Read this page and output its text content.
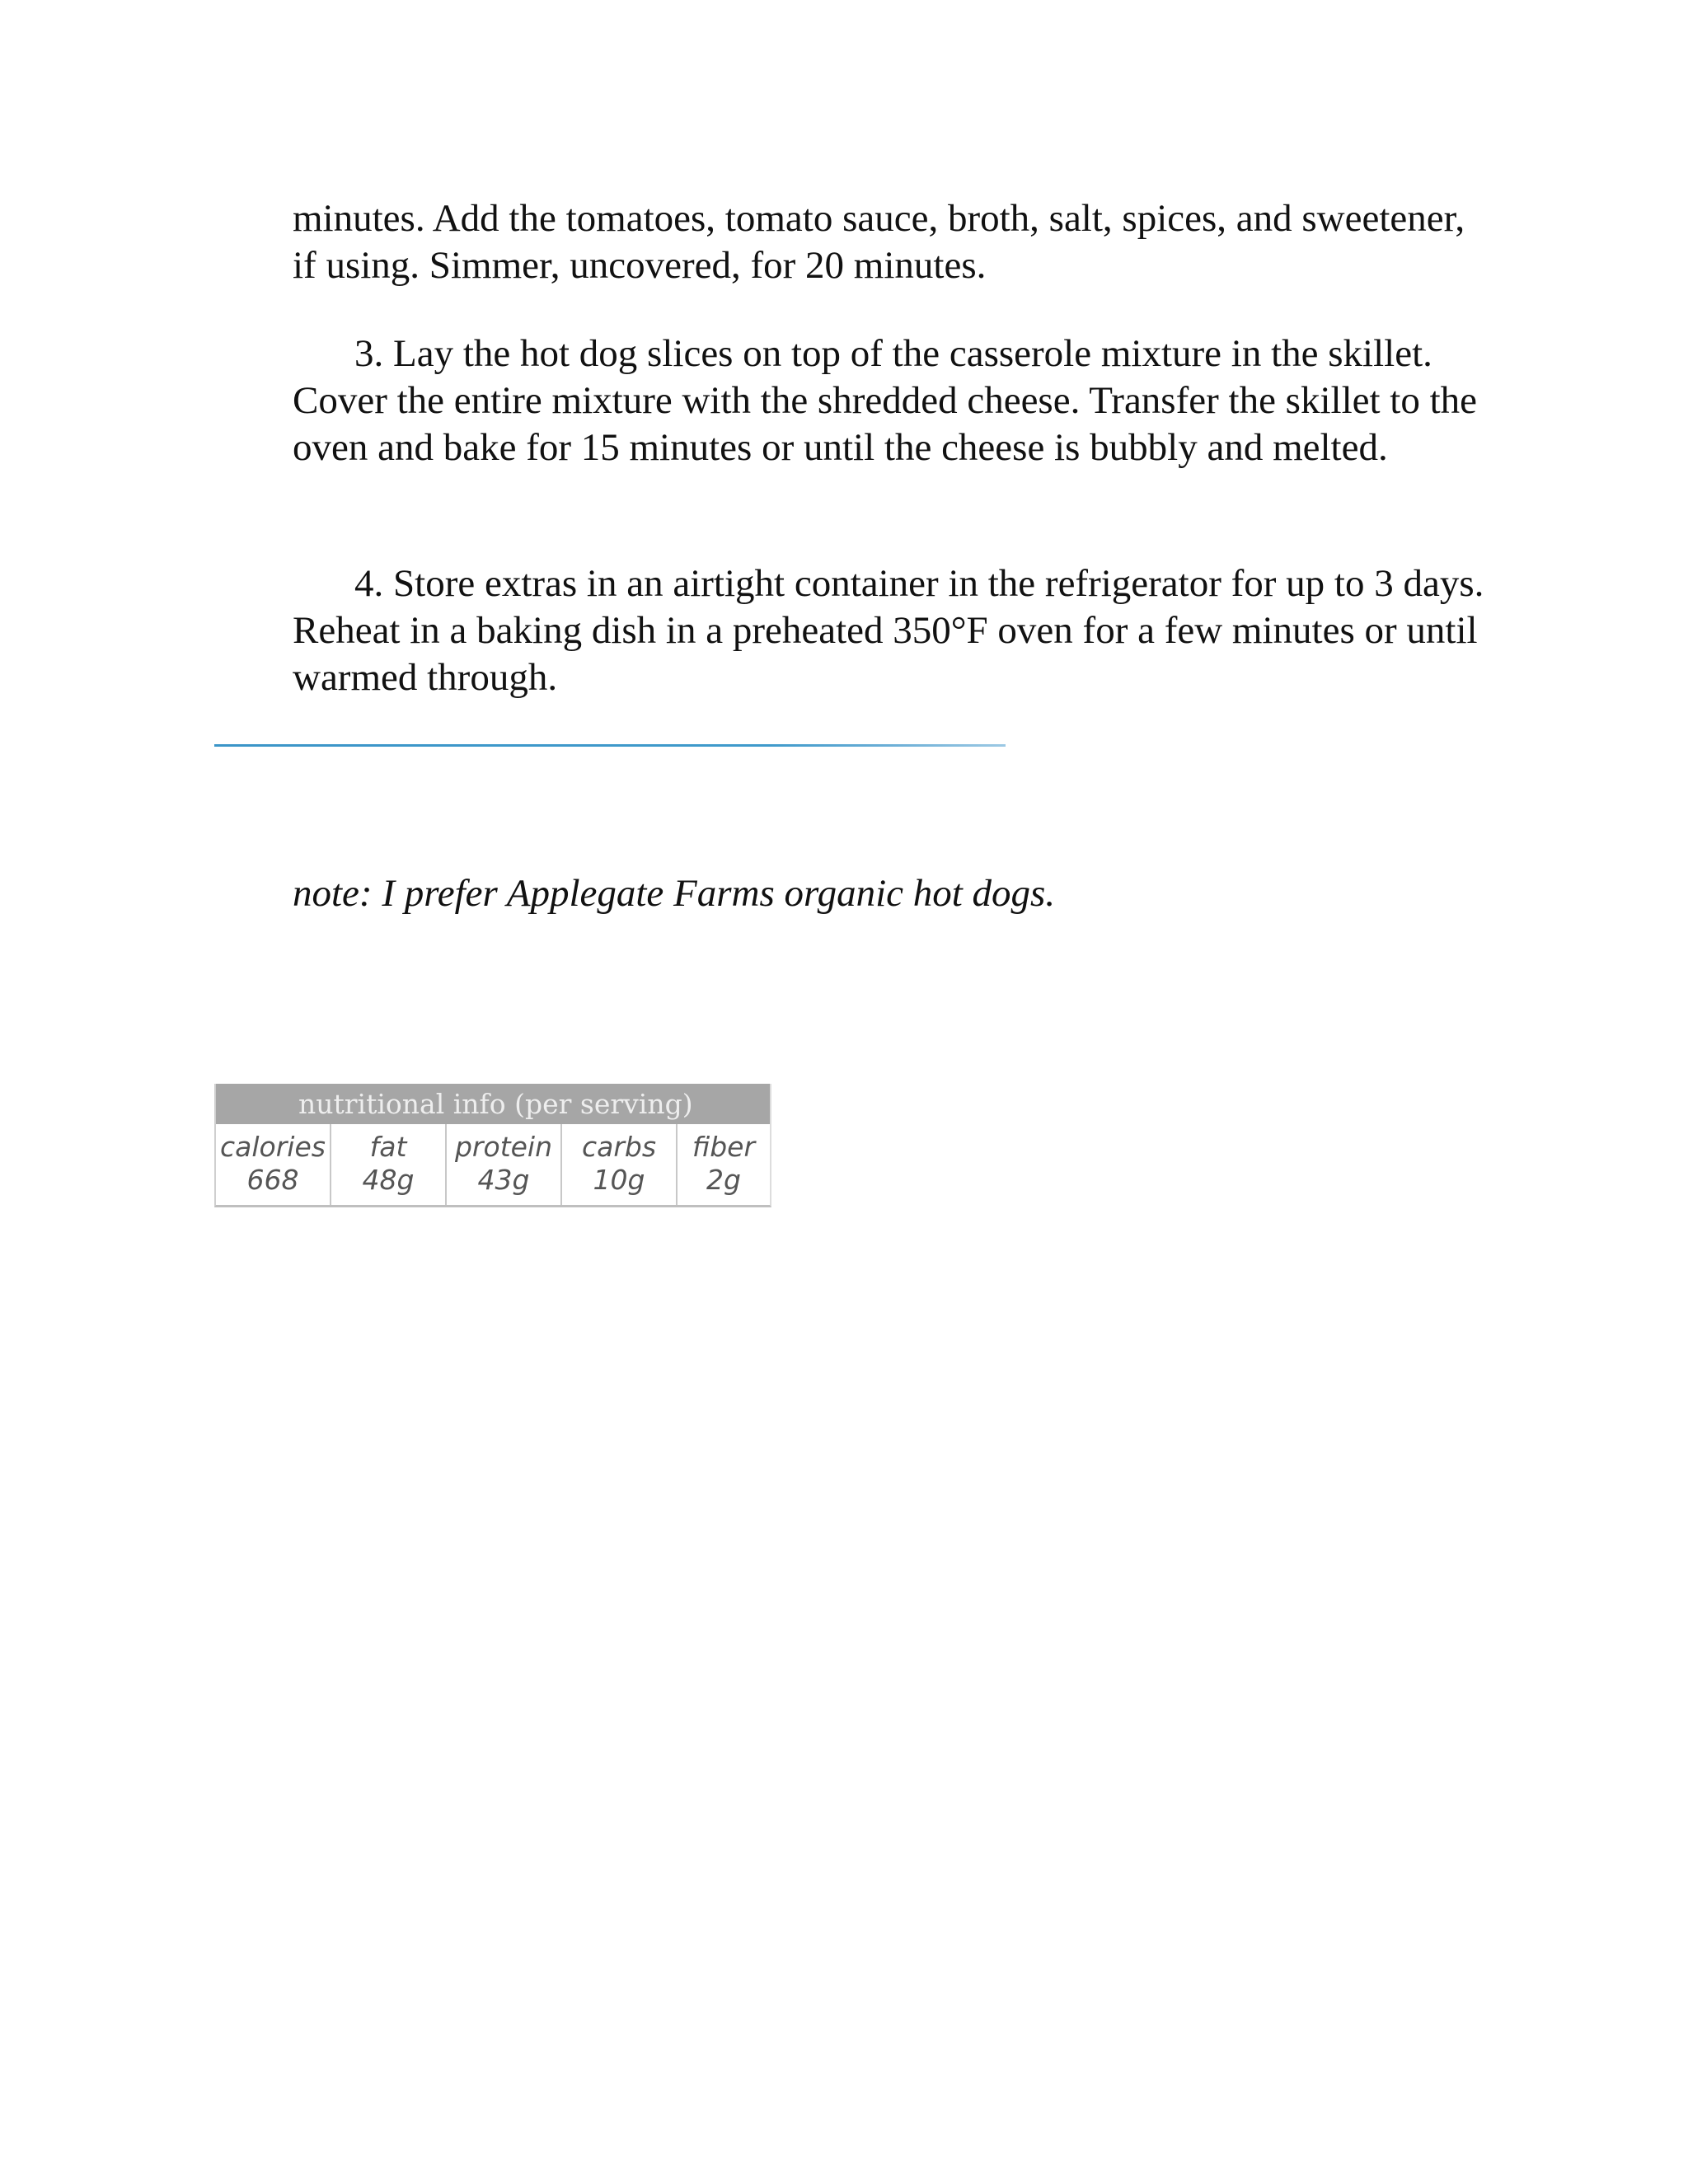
minutes. Add the tomatoes, tomato sauce, broth, salt, spices, and sweetener, if using. Simmer, uncovered, for 20 minutes.

3. Lay the hot dog slices on top of the casserole mixture in the skillet. Cover the entire mixture with the shredded cheese. Transfer the skillet to the oven and bake for 15 minutes or until the cheese is bubbly and melted.

4. Store extras in an airtight container in the refrigerator for up to 3 days. Reheat in a baking dish in a preheated 350°F oven for a few minutes or until warmed through.

note: I prefer Applegate Farms organic hot dogs.

nutritional info (per serving)
calories
668
fat
48g
protein
43g
carbs
10g
fiber
2g
